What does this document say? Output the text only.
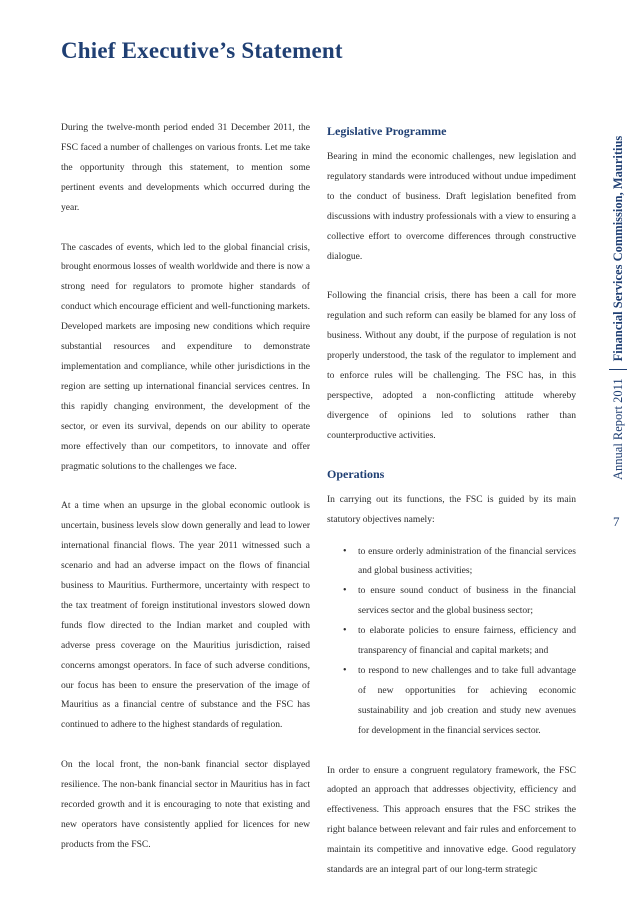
Chief Executive’s Statement

During the twelve-month period ended 31 December 2011, the FSC faced a number of challenges on various fronts. Let me take the opportunity through this statement, to mention some pertinent events and developments which occurred during the year.

The cascades of events, which led to the global financial crisis, brought enormous losses of wealth worldwide and there is now a strong need for regulators to promote higher standards of conduct which encourage efficient and well-functioning markets. Developed markets are imposing new conditions which require substantial resources and expenditure to demonstrate implementation and compliance, while other jurisdictions in the region are setting up international financial services centres. In this rapidly changing environment, the development of the sector, or even its survival, depends on our ability to operate more effectively than our competitors, to innovate and offer pragmatic solutions to the challenges we face.

At a time when an upsurge in the global economic outlook is uncertain, business levels slow down generally and lead to lower international financial flows. The year 2011 witnessed such a scenario and had an adverse impact on the flows of financial business to Mauritius. Furthermore, uncertainty with respect to the tax treatment of foreign institutional investors slowed down funds flow directed to the Indian market and coupled with adverse press coverage on the Mauritius jurisdiction, raised concerns amongst operators. In face of such adverse conditions, our focus has been to ensure the preservation of the image of Mauritius as a financial centre of substance and the FSC has continued to adhere to the highest standards of regulation.

On the local front, the non-bank financial sector displayed resilience. The non-bank financial sector in Mauritius has in fact recorded growth and it is encouraging to note that existing and new operators have consistently applied for licences for new products from the FSC.

Legislative Programme

Bearing in mind the economic challenges, new legislation and regulatory standards were introduced without undue impediment to the conduct of business. Draft legislation benefited from discussions with industry professionals with a view to ensuring a collective effort to overcome differences through constructive dialogue.

Following the financial crisis, there has been a call for more regulation and such reform can easily be blamed for any loss of business. Without any doubt, if the purpose of regulation is not properly understood, the task of the regulator to implement and to enforce rules will be challenging. The FSC has, in this perspective, adopted a non-conflicting attitude whereby divergence of opinions led to solutions rather than counterproductive activities.

Operations

In carrying out its functions, the FSC is guided by its main statutory objectives namely:

• to ensure orderly administration of the financial services and global business activities;
• to ensure sound conduct of business in the financial services sector and the global business sector;
• to elaborate policies to ensure fairness, efficiency and transparency of financial and capital markets; and
• to respond to new challenges and to take full advantage of new opportunities for achieving economic sustainability and job creation and study new avenues for development in the financial services sector.

In order to ensure a congruent regulatory framework, the FSC adopted an approach that addresses objectivity, efficiency and effectiveness. This approach ensures that the FSC strikes the right balance between relevant and fair rules and enforcement to maintain its competitive and innovative edge. Good regulatory standards are an integral part of our long-term strategic

Annual Report 2011
Financial Services Commission, Mauritius
7
